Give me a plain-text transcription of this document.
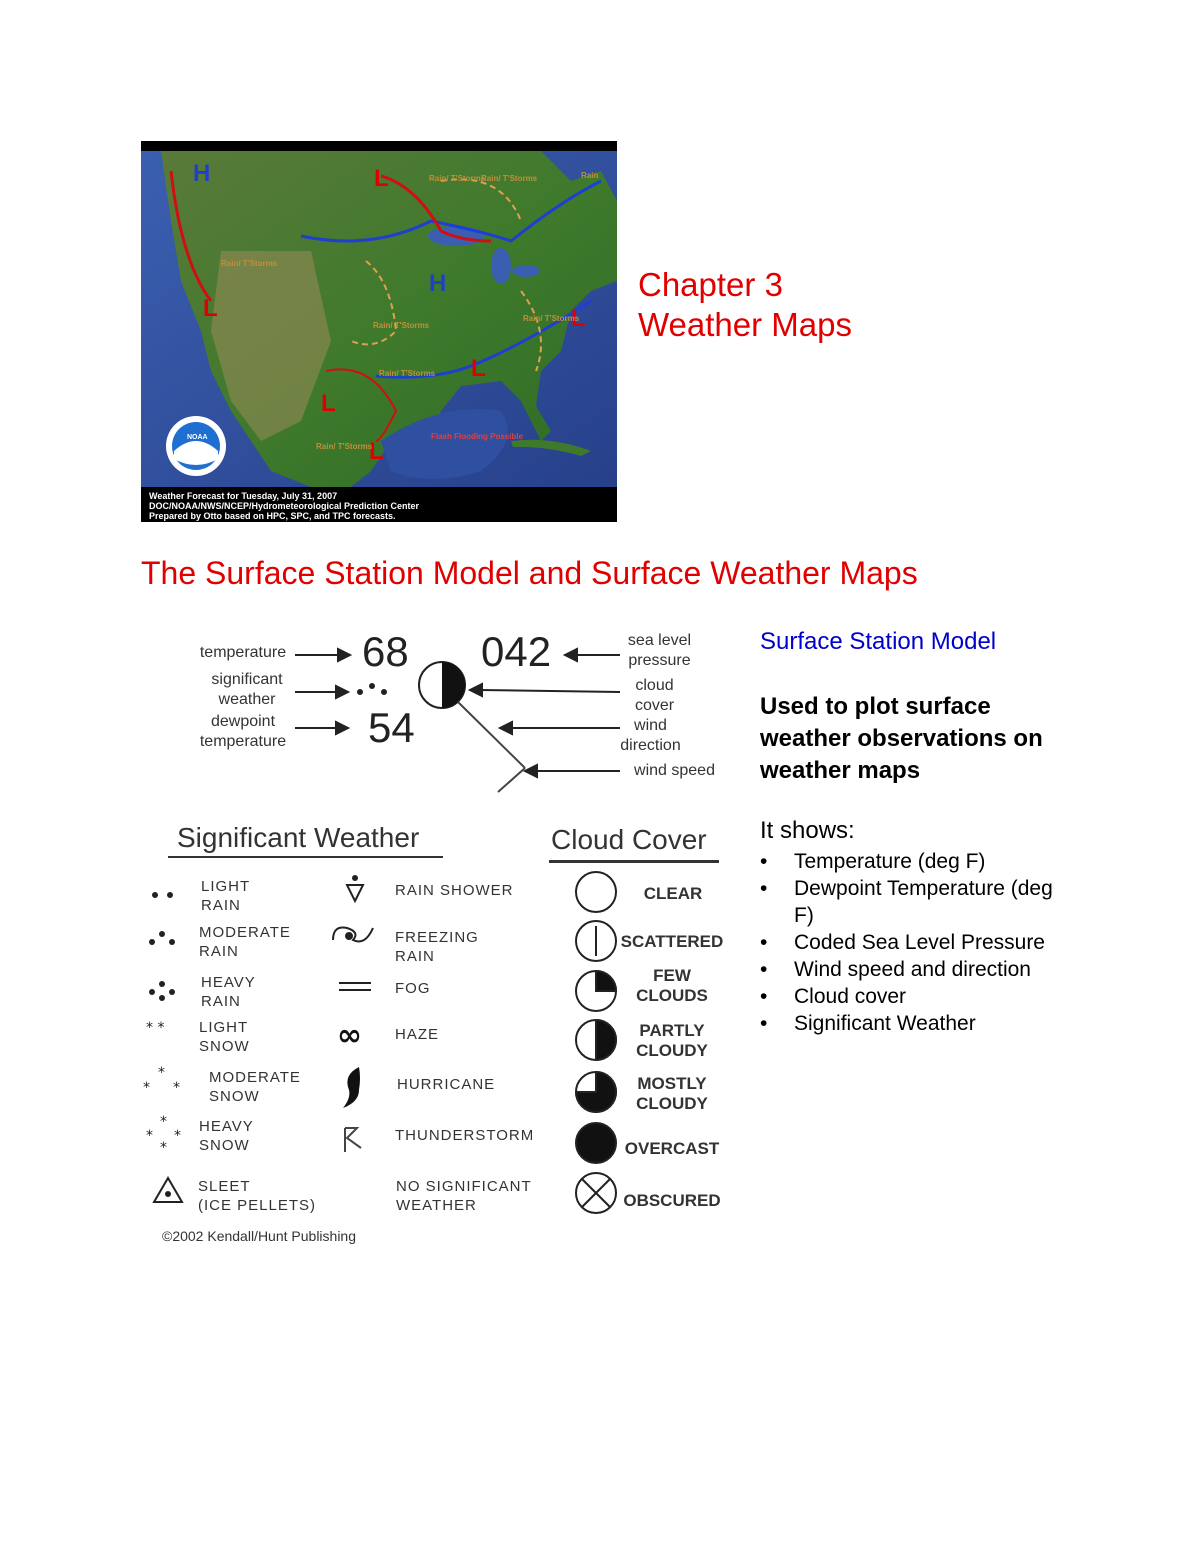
H
H
L
L	L
L
L
L
Rain/ T'Storms
Rain/ T'Storms	Rain
Rain/ T'Storms
Rain/ T'Storms
Rain/ T'Storms
Rain/ T'Storms
Rain/ T'Storms
Flash Flooding Possible
NOAA
Weather Forecast for Tuesday, July 31, 2007
DOC/NOAA/NWS/NCEP/Hydrometeorological Prediction Center
Prepared by Otto based on HPC, SPC, and TPC forecasts.
Chapter 3
Weather Maps
The Surface Station Model and Surface Weather Maps
68 042
54
temperature
significant
weather
dewpoint
temperature
sea level
pressure
cloud
cover
wind
direction
wind speed
Significant Weather
* *
*
* *
*
* *
*
LIGHT
RAIN
MODERATE
RAIN
HEAVY
RAIN
LIGHT
SNOW
MODERATE
SNOW
HEAVY
SNOW
SLEET
(ICE PELLETS)
∞
RAIN SHOWER
FREEZING
RAIN
FOG
HAZE
HURRICANE
THUNDERSTORM
NO SIGNIFICANT
WEATHER
©2002 Kendall/Hunt Publishing
Cloud Cover
CLEAR
SCATTERED
FEW
CLOUDS
PARTLY
CLOUDY
MOSTLY
CLOUDY
OVERCAST
OBSCURED
Surface Station Model
Used to plot surface weather observations on weather maps
It shows:
• Temperature (deg F)
• Dewpoint Temperature (deg F)
• Coded Sea Level Pressure
• Wind speed and direction
• Cloud cover
• Significant Weather
